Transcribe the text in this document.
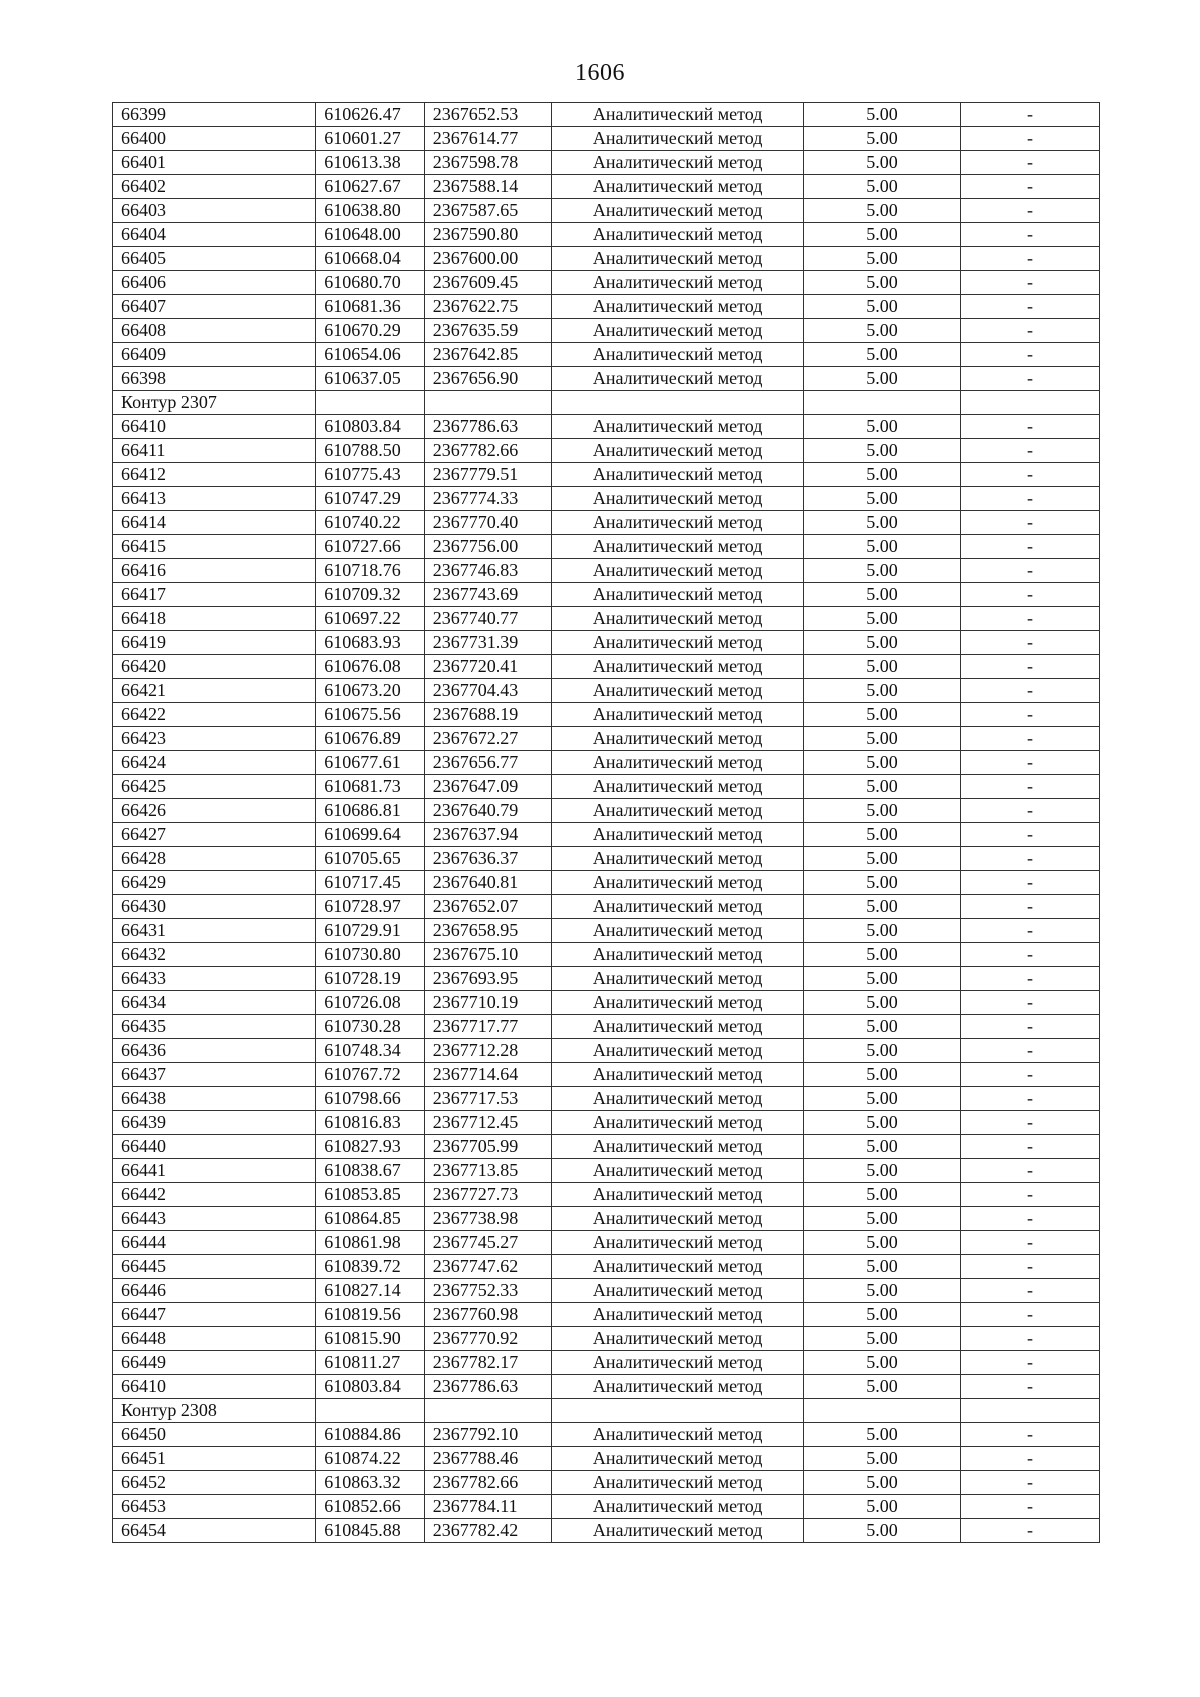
1606
66399	610626.47	2367652.53	Аналитический метод	5.00	-
66400	610601.27	2367614.77	Аналитический метод	5.00	-
66401	610613.38	2367598.78	Аналитический метод	5.00	-
66402	610627.67	2367588.14	Аналитический метод	5.00	-
66403	610638.80	2367587.65	Аналитический метод	5.00	-
66404	610648.00	2367590.80	Аналитический метод	5.00	-
66405	610668.04	2367600.00	Аналитический метод	5.00	-
66406	610680.70	2367609.45	Аналитический метод	5.00	-
66407	610681.36	2367622.75	Аналитический метод	5.00	-
66408	610670.29	2367635.59	Аналитический метод	5.00	-
66409	610654.06	2367642.85	Аналитический метод	5.00	-
66398	610637.05	2367656.90	Аналитический метод	5.00	-
Контур 2307					
66410	610803.84	2367786.63	Аналитический метод	5.00	-
66411	610788.50	2367782.66	Аналитический метод	5.00	-
66412	610775.43	2367779.51	Аналитический метод	5.00	-
66413	610747.29	2367774.33	Аналитический метод	5.00	-
66414	610740.22	2367770.40	Аналитический метод	5.00	-
66415	610727.66	2367756.00	Аналитический метод	5.00	-
66416	610718.76	2367746.83	Аналитический метод	5.00	-
66417	610709.32	2367743.69	Аналитический метод	5.00	-
66418	610697.22	2367740.77	Аналитический метод	5.00	-
66419	610683.93	2367731.39	Аналитический метод	5.00	-
66420	610676.08	2367720.41	Аналитический метод	5.00	-
66421	610673.20	2367704.43	Аналитический метод	5.00	-
66422	610675.56	2367688.19	Аналитический метод	5.00	-
66423	610676.89	2367672.27	Аналитический метод	5.00	-
66424	610677.61	2367656.77	Аналитический метод	5.00	-
66425	610681.73	2367647.09	Аналитический метод	5.00	-
66426	610686.81	2367640.79	Аналитический метод	5.00	-
66427	610699.64	2367637.94	Аналитический метод	5.00	-
66428	610705.65	2367636.37	Аналитический метод	5.00	-
66429	610717.45	2367640.81	Аналитический метод	5.00	-
66430	610728.97	2367652.07	Аналитический метод	5.00	-
66431	610729.91	2367658.95	Аналитический метод	5.00	-
66432	610730.80	2367675.10	Аналитический метод	5.00	-
66433	610728.19	2367693.95	Аналитический метод	5.00	-
66434	610726.08	2367710.19	Аналитический метод	5.00	-
66435	610730.28	2367717.77	Аналитический метод	5.00	-
66436	610748.34	2367712.28	Аналитический метод	5.00	-
66437	610767.72	2367714.64	Аналитический метод	5.00	-
66438	610798.66	2367717.53	Аналитический метод	5.00	-
66439	610816.83	2367712.45	Аналитический метод	5.00	-
66440	610827.93	2367705.99	Аналитический метод	5.00	-
66441	610838.67	2367713.85	Аналитический метод	5.00	-
66442	610853.85	2367727.73	Аналитический метод	5.00	-
66443	610864.85	2367738.98	Аналитический метод	5.00	-
66444	610861.98	2367745.27	Аналитический метод	5.00	-
66445	610839.72	2367747.62	Аналитический метод	5.00	-
66446	610827.14	2367752.33	Аналитический метод	5.00	-
66447	610819.56	2367760.98	Аналитический метод	5.00	-
66448	610815.90	2367770.92	Аналитический метод	5.00	-
66449	610811.27	2367782.17	Аналитический метод	5.00	-
66410	610803.84	2367786.63	Аналитический метод	5.00	-
Контур 2308					
66450	610884.86	2367792.10	Аналитический метод	5.00	-
66451	610874.22	2367788.46	Аналитический метод	5.00	-
66452	610863.32	2367782.66	Аналитический метод	5.00	-
66453	610852.66	2367784.11	Аналитический метод	5.00	-
66454	610845.88	2367782.42	Аналитический метод	5.00	-
